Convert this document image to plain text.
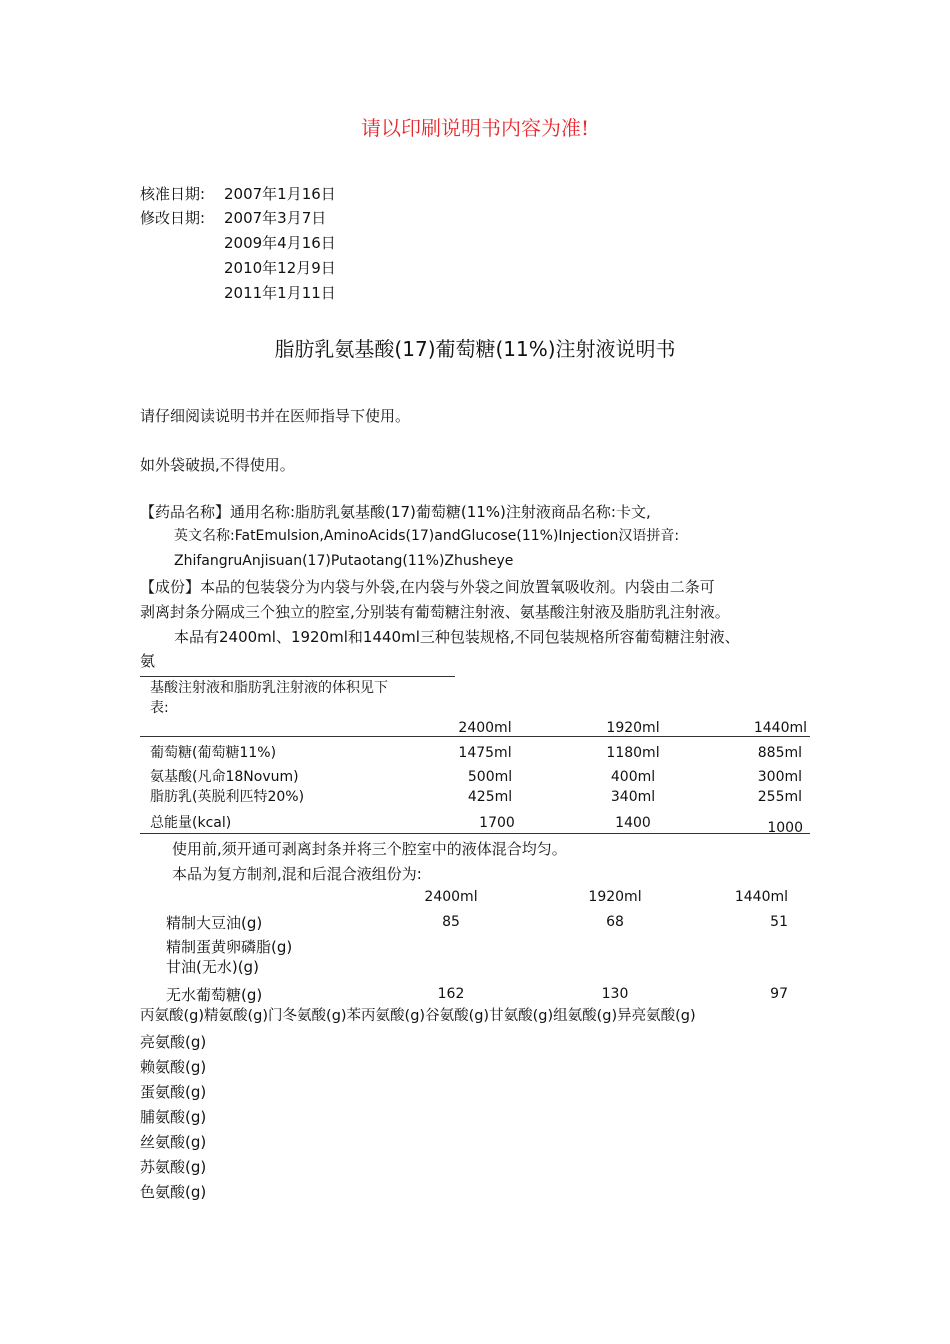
请以印刷说明书内容为准!
核准日期: 2007年1月16日
修改日期: 2007年3月7日
2009年4月16日
2010年12月9日
2011年1月11日
脂肪乳氨基酸(17)葡萄糖(11%)注射液说明书
请仔细阅读说明书并在医师指导下使用。
如外袋破损,不得使用。
【药品名称】通用名称:脂肪乳氨基酸(17)葡萄糖(11%)注射液商品名称:卡文,
英文名称:FatEmulsion,AminoAcids(17)andGlucose(11%)Injection汉语拼音:
ZhifangruAnjisuan(17)Putaotang(11%)Zhusheye
【成份】本品的包装袋分为内袋与外袋,在内袋与外袋之间放置氧吸收剂。内袋由二条可
剥离封条分隔成三个独立的腔室,分别装有葡萄糖注射液、氨基酸注射液及脂肪乳注射液。
本品有2400ml、1920ml和1440ml三种包装规格,不同包装规格所容葡萄糖注射液、
氨
基酸注射液和脂肪乳注射液的体积见下
表:
2400ml	1920ml	1440ml
葡萄糖(葡萄糖11%)	1475ml	1180ml	885ml
氨基酸(凡命18Novum)	500ml	400ml	300ml
脂肪乳(英脱利匹特20%)	425ml	340ml	255ml
总能量(kcal)	1700	1400	1000
使用前,须开通可剥离封条并将三个腔室中的液体混合均匀。
本品为复方制剂,混和后混合液组份为:
2400ml	1920ml	1440ml
精制大豆油(g)	85	68	51
精制蛋黄卵磷脂(g)
甘油(无水)(g)
无水葡萄糖(g)	162	130	97
丙氨酸(g)精氨酸(g)门冬氨酸(g)苯丙氨酸(g)谷氨酸(g)甘氨酸(g)组氨酸(g)异亮氨酸(g)
亮氨酸(g)
赖氨酸(g)
蛋氨酸(g)
脯氨酸(g)
丝氨酸(g)
苏氨酸(g)
色氨酸(g)
